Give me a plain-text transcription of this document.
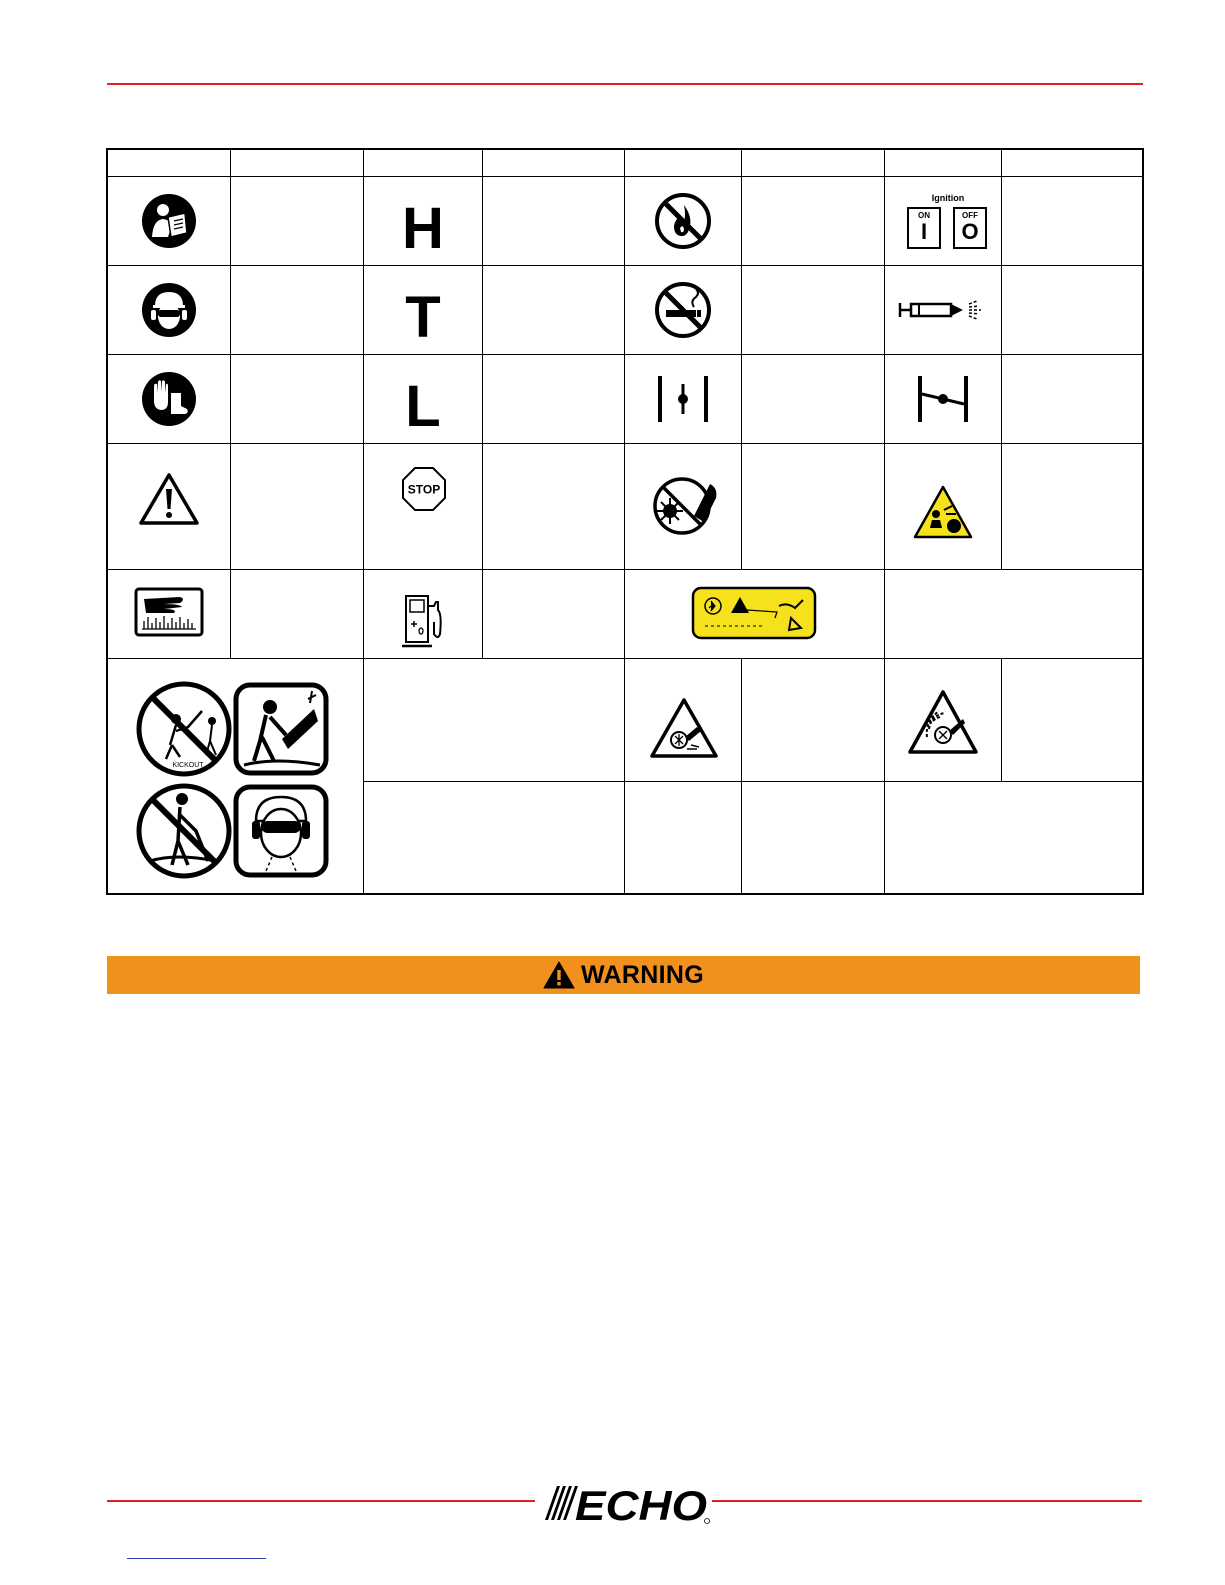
H	Ignition
ON
I
OFF
O
T
L
STOP
KICKOUT
WARNING
ECHO
